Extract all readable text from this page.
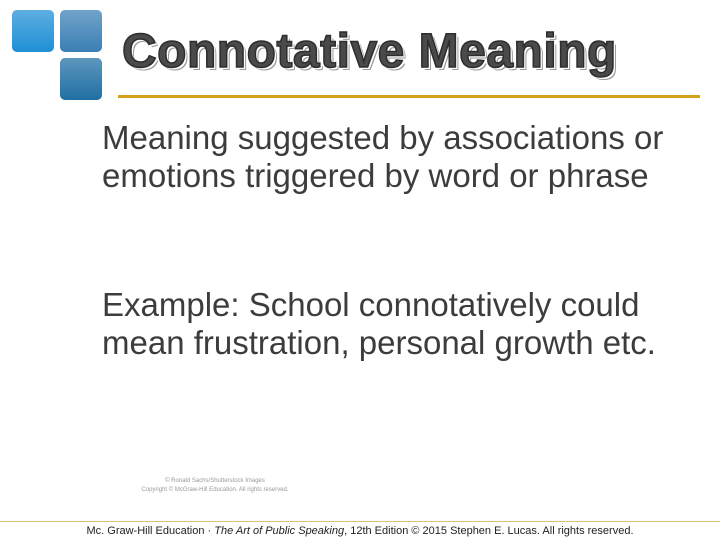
Connotative Meaning
Meaning suggested by associations or emotions triggered by word or phrase
Example: School connotatively could mean frustration, personal growth etc.
© Ronald Sachs/Shutterstock Images
Copyright © McGraw-Hill Education. All rights reserved.
Mc. Graw-Hill Education · The Art of Public Speaking, 12th Edition © 2015 Stephen E. Lucas. All rights reserved.
